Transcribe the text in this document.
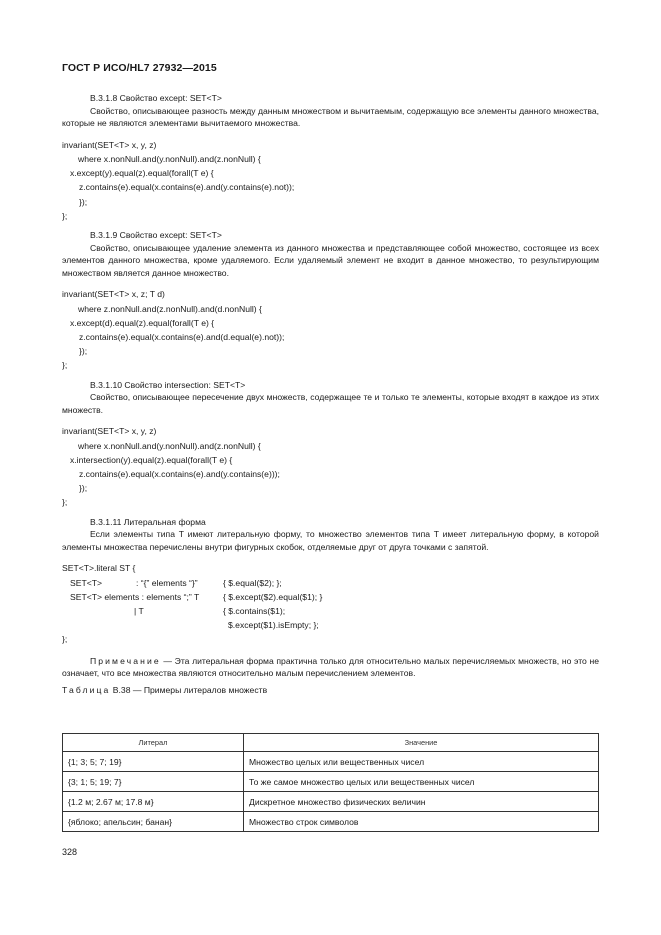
ГОСТ Р ИСО/HL7 27932—2015

B.3.1.8 Свойство except: SET<T>

Свойство, описывающее разность между данным множеством и вычитаемым, содержащую все элементы данного множества, которые не являются элементами вычитаемого множества.

invariant(SET<T> x, y, z)
where x.nonNull.and(y.nonNull).and(z.nonNull) {
x.except(y).equal(z).equal(forall(T e) {
z.contains(e).equal(x.contains(e).and(y.contains(e).not));
});
};

B.3.1.9 Свойство except: SET<T>

Свойство, описывающее удаление элемента из данного множества и представляющее собой множество, состоящее из всех элементов данного множества, кроме удаляемого. Если удаляемый элемент не входит в данное множество, то результирующим множеством является данное множество.

invariant(SET<T> x, z; T d)
where z.nonNull.and(z.nonNull).and(d.nonNull) {
x.except(d).equal(z).equal(forall(T e) {
z.contains(e).equal(x.contains(e).and(d.equal(e).not));
});
};

B.3.1.10 Свойство intersection: SET<T>

Свойство, описывающее пересечение двух множеств, содержащее те и только те элементы, которые входят в каждое из этих множеств.

invariant(SET<T> x, y, z)
where x.nonNull.and(y.nonNull).and(z.nonNull) {
x.intersection(y).equal(z).equal(forall(T e) {
z.contains(e).equal(x.contains(e).and(y.contains(e)));
});
};

B.3.1.11 Литеральная форма

Если элементы типа T имеют литеральную форму, то множество элементов типа T имеет литеральную форму, в которой элементы множества перечислены внутри фигурных скобок, отделяемые друг от друга точками с запятой.

SET<T>.literal ST {
SET<T>	: “{” elements “}”	{ $.equal($2); };
SET<T> elements : elements “;” T	{ $.except($2).equal($1); }
| T	{ $.contains($1);
$.except($1).isEmpty; };
};

Примечание — Эта литеральная форма практична только для относительно малых перечисляемых множеств, но это не означает, что все множества являются относительно малым перечислением элементов.

Таблица B.38 — Примеры литералов множеств

Литерал	Значение
{1; 3; 5; 7; 19}	Множество целых или вещественных чисел
{3; 1; 5; 19; 7}	То же самое множество целых или вещественных чисел
{1.2 м; 2.67 м; 17.8 м}	Дискретное множество физических величин
{яблоко; апельсин; банан}	Множество строк символов
328
